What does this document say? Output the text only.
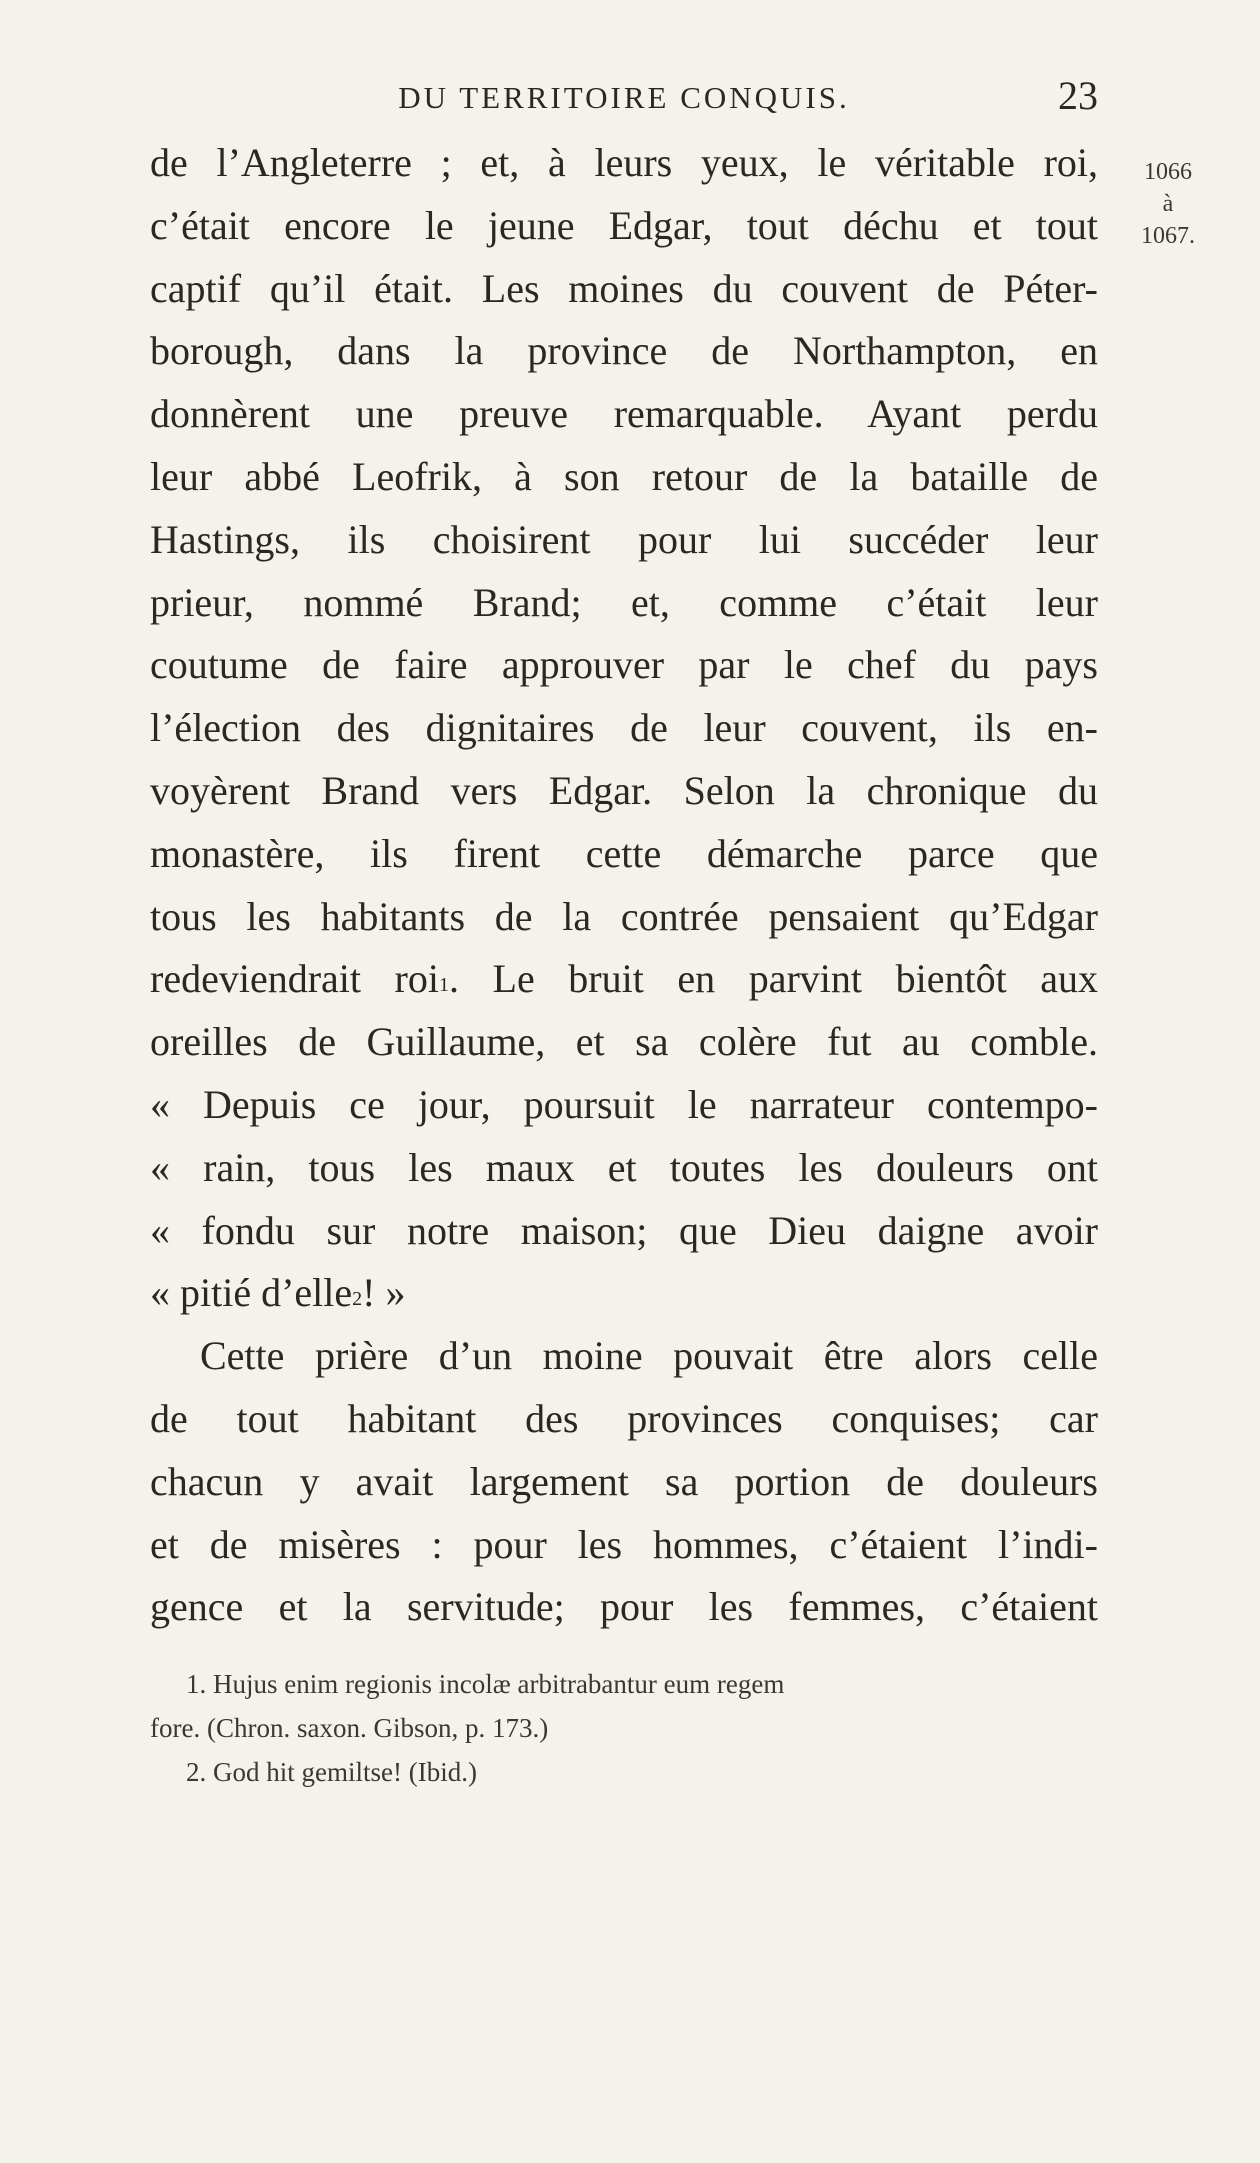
DU TERRITOIRE CONQUIS.	23
1066
à
1067.
de l’Angleterre ; et, à leurs yeux, le véritable roi,
c’était encore le jeune Edgar, tout déchu et tout
captif qu’il était. Les moines du couvent de Péter-
borough, dans la province de Northampton, en
donnèrent une preuve remarquable. Ayant perdu
leur abbé Leofrik, à son retour de la bataille de
Hastings, ils choisirent pour lui succéder leur
prieur, nommé Brand; et, comme c’était leur
coutume de faire approuver par le chef du pays
l’élection des dignitaires de leur couvent, ils en-
voyèrent Brand vers Edgar. Selon la chronique du
monastère, ils firent cette démarche parce que
tous les habitants de la contrée pensaient qu’Edgar
redeviendrait roi$^1$. Le bruit en parvint bientôt aux
oreilles de Guillaume, et sa colère fut au comble.
« Depuis ce jour, poursuit le narrateur contempo-
« rain, tous les maux et toutes les douleurs ont
« fondu sur notre maison; que Dieu daigne avoir
« pitié d’elle$^2$! »
Cette prière d’un moine pouvait être alors celle
de tout habitant des provinces conquises; car
chacun y avait largement sa portion de douleurs
et de misères : pour les hommes, c’étaient l’indi-
gence et la servitude; pour les femmes, c’étaient
1. Hujus enim regionis incolæ arbitrabantur eum regem
fore. (Chron. saxon. Gibson, p. 173.)
2. God hit gemiltse! (Ibid.)
